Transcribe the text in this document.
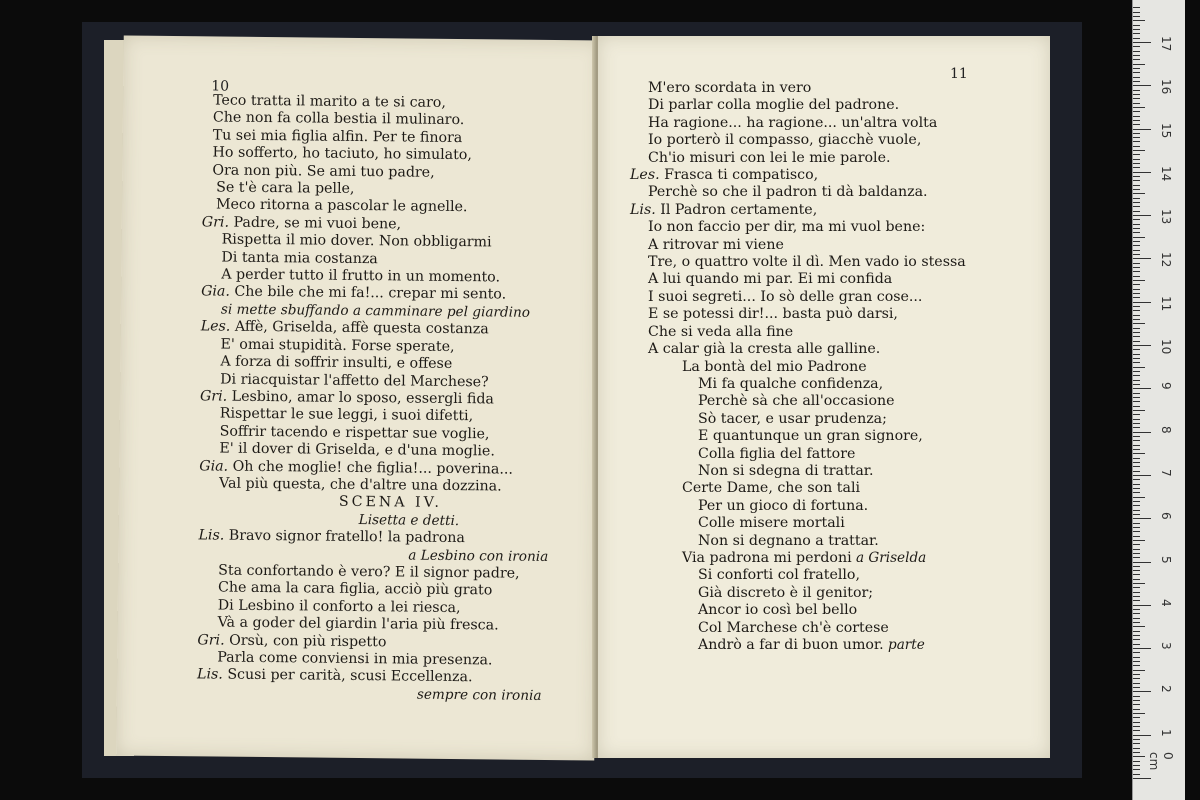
10
Teco tratta il marito a te si caro,
Che non fa colla bestia il mulinaro.
Tu sei mia figlia alfin. Per te finora
Ho sofferto, ho taciuto, ho simulato,
Ora non più. Se ami tuo padre,
Se t'è cara la pelle,
Meco ritorna a pascolar le agnelle.
Gri. Padre, se mi vuoi bene,
Rispetta il mio dover. Non obbligarmi
Di tanta mia costanza
A perder tutto il frutto in un momento.
Gia. Che bile che mi fa!... crepar mi sento.
si mette sbuffando a camminare pel giardino
Les. Affè, Griselda, affè questa costanza
E' omai stupidità. Forse sperate,
A forza di soffrir insulti, e offese
Di riacquistar l'affetto del Marchese?
Gri. Lesbino, amar lo sposo, essergli fida
Rispettar le sue leggi, i suoi difetti,
Soffrir tacendo e rispettar sue voglie,
E' il dover di Griselda, e d'una moglie.
Gia. Oh che moglie! che figlia!... poverina...
Val più questa, che d'altre una dozzina.
SCENA IV.
Lisetta e detti.
Lis. Bravo signor fratello! la padrona
a Lesbino con ironia
Sta confortando è vero? E il signor padre,
Che ama la cara figlia, acciò più grato
Di Lesbino il conforto a lei riesca,
Và a goder del giardin l'aria più fresca.
Gri. Orsù, con più rispetto
Parla come conviensi in mia presenza.
Lis. Scusi per carità, scusi Eccellenza.
sempre con ironia
11
M'ero scordata in vero
Di parlar colla moglie del padrone.
Ha ragione... ha ragione... un'altra volta
Io porterò il compasso, giacchè vuole,
Ch'io misuri con lei le mie parole.
Les. Frasca ti compatisco,
Perchè so che il padron ti dà baldanza.
Lis. Il Padron certamente,
Io non faccio per dir, ma mi vuol bene:
A ritrovar mi viene
Tre, o quattro volte il dì. Men vado io stessa
A lui quando mi par. Ei mi confida
I suoi segreti... Io sò delle gran cose...
E se potessi dir!... basta può darsi,
Che si veda alla fine
A calar già la cresta alle galline.
La bontà del mio Padrone
Mi fa qualche confidenza,
Perchè sà che all'occasione
Sò tacer, e usar prudenza;
E quantunque un gran signore,
Colla figlia del fattore
Non si sdegna di trattar.
Certe Dame, che son tali
Per un gioco di fortuna.
Colle misere mortali
Non si degnano a trattar.
Via padrona mi perdoni a Griselda
Si conforti col fratello,
Già discreto è il genitor;
Ancor io così bel bello
Col Marchese ch'è cortese
Andrò a far di buon umor. parte
0 cm
1
2
3
4
5
6
7
8
9
10
11
12
13
14
15
16
17
